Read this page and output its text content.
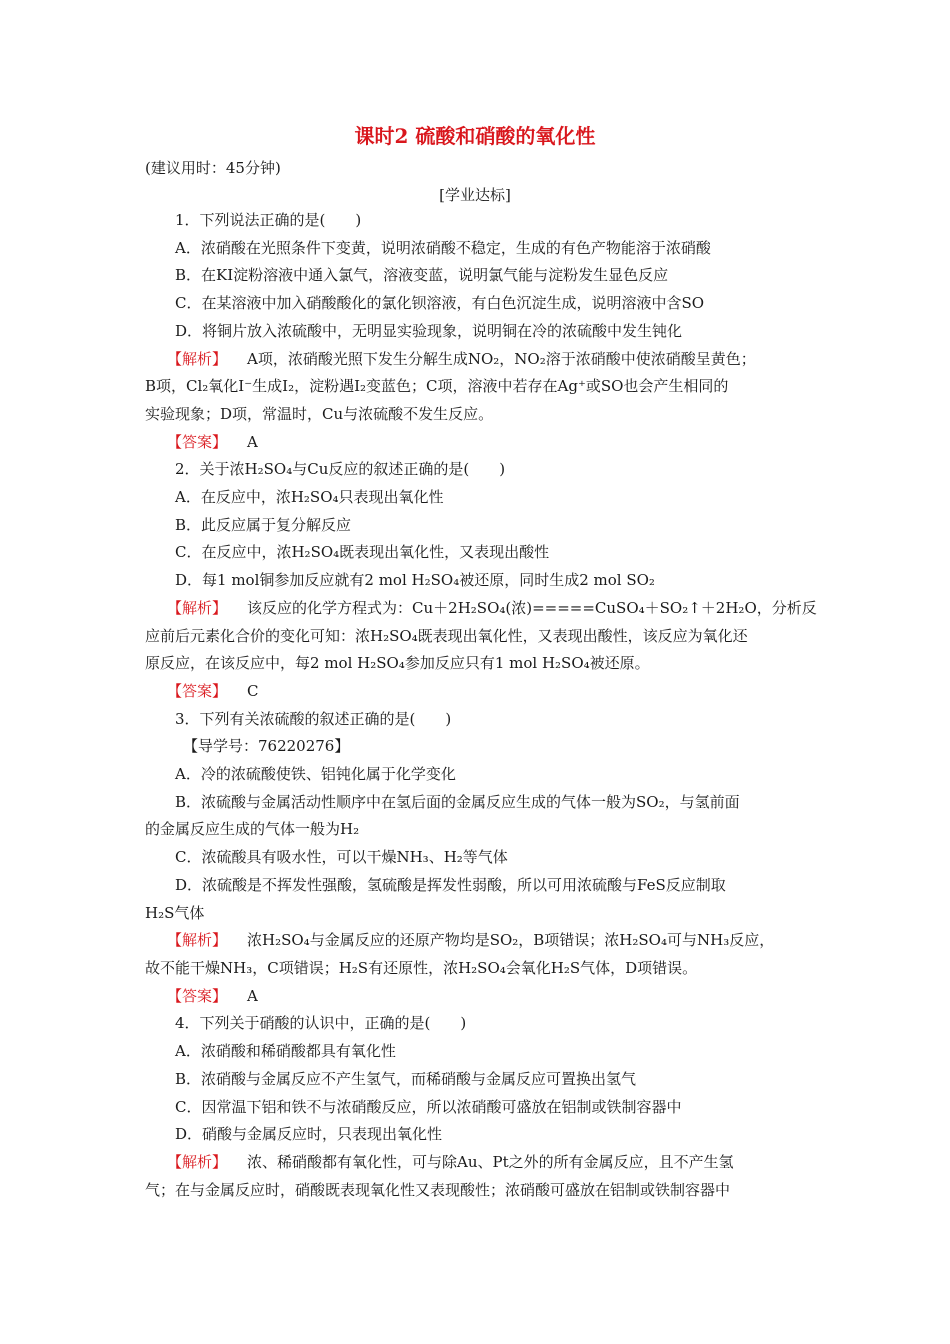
课时2 硫酸和硝酸的氧化性
(建议用时：45分钟)
[学业达标]
1．下列说法正确的是(　　)
A．浓硝酸在光照条件下变黄，说明浓硝酸不稳定，生成的有色产物能溶于浓硝酸
B．在KI淀粉溶液中通入氯气，溶液变蓝，说明氯气能与淀粉发生显色反应
C．在某溶液中加入硝酸酸化的氯化钡溶液，有白色沉淀生成，说明溶液中含SO
D．将铜片放入浓硫酸中，无明显实验现象，说明铜在冷的浓硫酸中发生钝化
【解析】 A项，浓硝酸光照下发生分解生成NO₂，NO₂溶于浓硝酸中使浓硝酸呈黄色；
B项，Cl₂氧化I⁻生成I₂，淀粉遇I₂变蓝色；C项，溶液中若存在Ag⁺或SO也会产生相同的
实验现象；D项，常温时，Cu与浓硫酸不发生反应。
【答案】 A
2．关于浓H₂SO₄与Cu反应的叙述正确的是(　　)
A．在反应中，浓H₂SO₄只表现出氧化性
B．此反应属于复分解反应
C．在反应中，浓H₂SO₄既表现出氧化性，又表现出酸性
D．每1 mol铜参加反应就有2 mol H₂SO₄被还原，同时生成2 mol SO₂
【解析】 该反应的化学方程式为：Cu＋2H₂SO₄(浓)=====CuSO₄＋SO₂↑＋2H₂O，分析反
应前后元素化合价的变化可知：浓H₂SO₄既表现出氧化性，又表现出酸性，该反应为氧化还
原反应，在该反应中，每2 mol H₂SO₄参加反应只有1 mol H₂SO₄被还原。
【答案】 C
3．下列有关浓硫酸的叙述正确的是(　　)
【导学号：76220276】
A．冷的浓硫酸使铁、铝钝化属于化学变化
B．浓硫酸与金属活动性顺序中在氢后面的金属反应生成的气体一般为SO₂，与氢前面
的金属反应生成的气体一般为H₂
C．浓硫酸具有吸水性，可以干燥NH₃、H₂等气体
D．浓硫酸是不挥发性强酸，氢硫酸是挥发性弱酸，所以可用浓硫酸与FeS反应制取
H₂S气体
【解析】 浓H₂SO₄与金属反应的还原产物均是SO₂，B项错误；浓H₂SO₄可与NH₃反应，
故不能干燥NH₃，C项错误；H₂S有还原性，浓H₂SO₄会氧化H₂S气体，D项错误。
【答案】 A
4．下列关于硝酸的认识中，正确的是(　　)
A．浓硝酸和稀硝酸都具有氧化性
B．浓硝酸与金属反应不产生氢气，而稀硝酸与金属反应可置换出氢气
C．因常温下铝和铁不与浓硝酸反应，所以浓硝酸可盛放在铝制或铁制容器中
D．硝酸与金属反应时，只表现出氧化性
【解析】 浓、稀硝酸都有氧化性，可与除Au、Pt之外的所有金属反应，且不产生氢
气；在与金属反应时，硝酸既表现氧化性又表现酸性；浓硝酸可盛放在铝制或铁制容器中
